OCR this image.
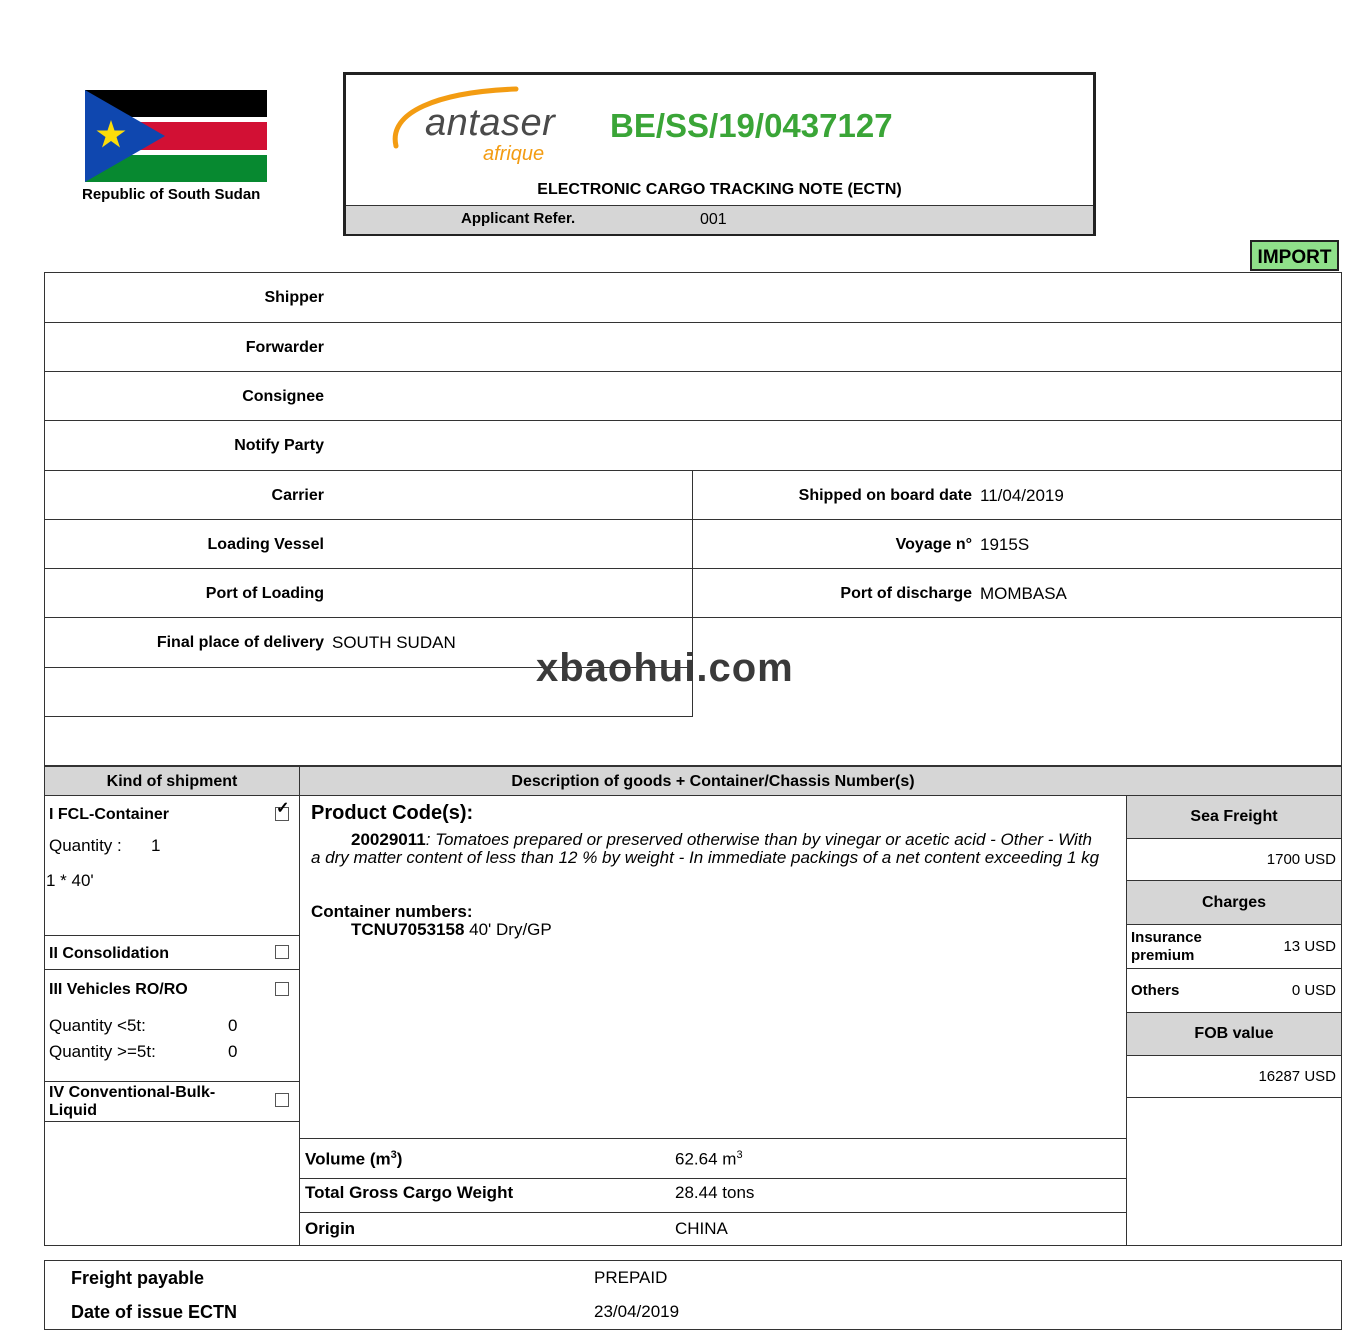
Republic of South Sudan
antaser
afrique
BE/SS/19/0437127
ELECTRONIC CARGO TRACKING NOTE (ECTN)
Applicant Refer.	001
IMPORT
Shipper
Forwarder
Consignee
Notify Party
Carrier	Shipped on board date 11/04/2019
Loading Vessel	Voyage n° 1915S
Port of Loading	Port of discharge MOMBASA
Final place of delivery SOUTH SUDAN
xbaohui.com
Kind of shipment	Description of goods + Container/Chassis Number(s)
I FCL-Container	✓
Quantity : 1
1 * 40'
II Consolidation
III Vehicles RO/RO
Quantity <5t:	0
Quantity >=5t:	0
IV Conventional-Bulk-Liquid
Product Code(s):
20029011: Tomatoes prepared or preserved otherwise than by vinegar or acetic acid - Other - With a dry matter content of less than 12 % by weight - In immediate packings of a net content exceeding 1 kg
Container numbers:
TCNU7053158 40' Dry/GP
Volume $(m^3)$	62.64 $m^3$
Total Gross Cargo Weight	28.44 tons
Origin	CHINA
Sea Freight
1700 USD
Charges
Insurance
premium
13 USD
Others	0 USD
FOB value
16287 USD
Freight payable	PREPAID
Date of issue ECTN	23/04/2019
